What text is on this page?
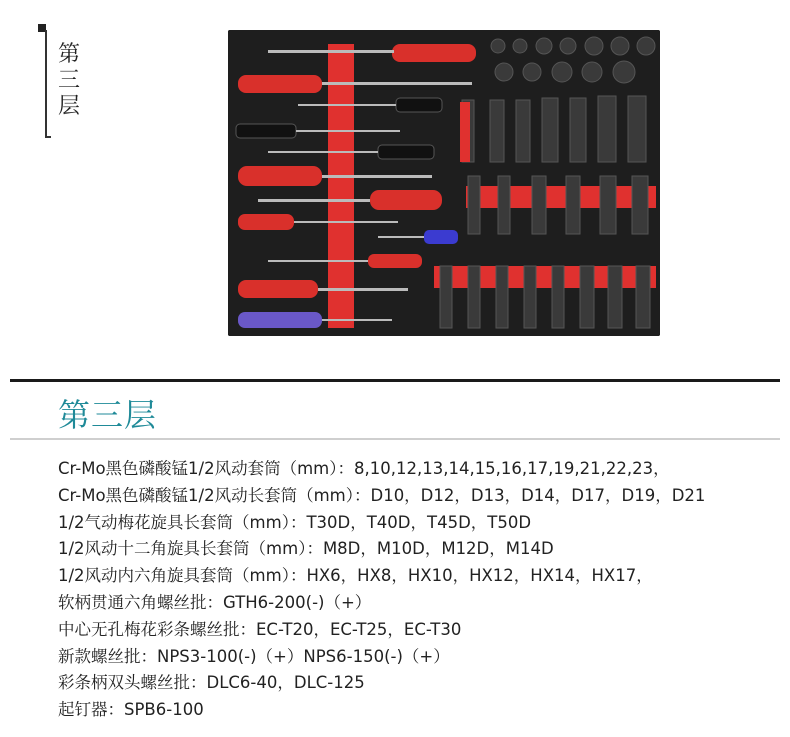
第三层
第三层
Cr-Mo黑色磷酸锰1/2风动套筒（mm）：8,10,12,13,14,15,16,17,19,21,22,23，
Cr-Mo黑色磷酸锰1/2风动长套筒（mm）：D10，D12，D13，D14，D17，D19，D21
1/2气动梅花旋具长套筒（mm）：T30D，T40D，T45D，T50D
1/2风动十二角旋具长套筒（mm）：M8D，M10D，M12D，M14D
1/2风动内六角旋具套筒（mm）：HX6，HX8，HX10，HX12，HX14，HX17，
软柄贯通六角螺丝批：GTH6-200(-)（+）
中心无孔梅花彩条螺丝批：EC-T20，EC-T25，EC-T30
新款螺丝批：NPS3-100(-)（+）NPS6-150(-)（+）
彩条柄双头螺丝批：DLC6-40，DLC-125
起钉器：SPB6-100
